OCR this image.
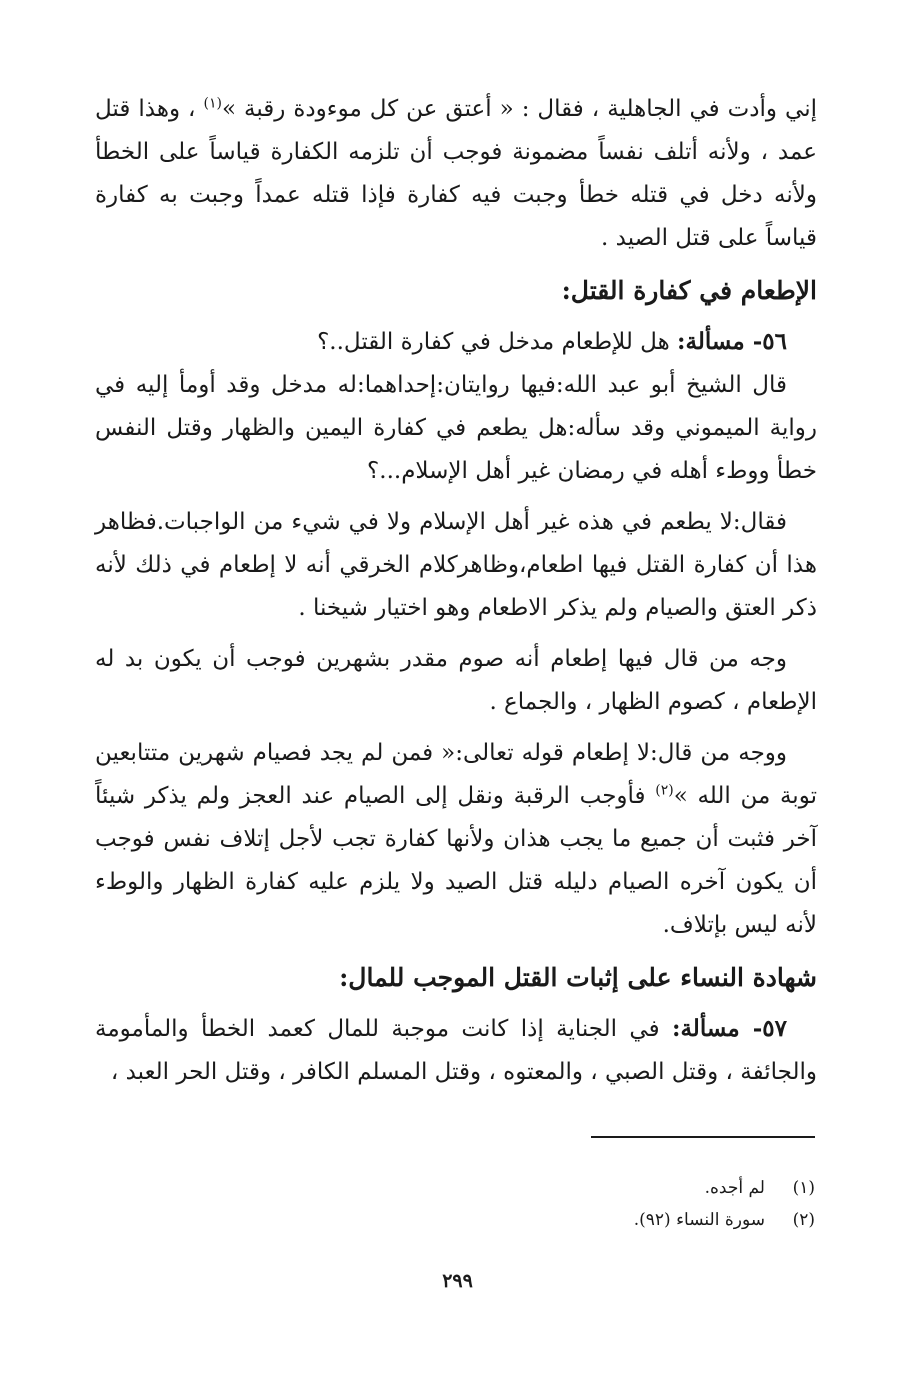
إني وأدت في الجاهلية ، فقال : « أعتق عن كل موءودة رقبة »$^{(١)}$ ، وهذا قتل عمد ، ولأنه أتلف نفساً مضمونة فوجب أن تلزمه الكفارة قياساً على الخطأ ولأنه دخل في قتله خطأ وجبت فيه كفارة فإذا قتله عمداً وجبت به كفارة قياساً على قتل الصيد .

الإطعام في كفارة القتل:

٥٦- مسألة: هل للإطعام مدخل في كفارة القتل..؟

قال الشيخ أبو عبد الله:فيها روايتان:إحداهما:له مدخل وقد أومأ إليه في رواية الميموني وقد سأله:هل يطعم في كفارة اليمين والظهار وقتل النفس خطأ ووطء أهله في رمضان غير أهل الإسلام...؟

فقال:لا يطعم في هذه غير أهل الإسلام ولا في شيء من الواجبات.فظاهر هذا أن كفارة القتل فيها اطعام،وظاهركلام الخرقي أنه لا إطعام في ذلك لأنه ذكر العتق والصيام ولم يذكر الاطعام وهو اختيار شيخنا .

وجه من قال فيها إطعام أنه صوم مقدر بشهرين فوجب أن يكون بد له الإطعام ، كصوم الظهار ، والجماع .

ووجه من قال:لا إطعام قوله تعالى:« فمن لم يجد فصيام شهرين متتابعين توبة من الله »$^{(٢)}$ فأوجب الرقبة ونقل إلى الصيام عند العجز ولم يذكر شيئاً آخر فثبت أن جميع ما يجب هذان ولأنها كفارة تجب لأجل إتلاف نفس فوجب أن يكون آخره الصيام دليله قتل الصيد ولا يلزم عليه كفارة الظهار والوطء لأنه ليس بإتلاف.

شهادة النساء على إثبات القتل الموجب للمال:

٥٧- مسألة: في الجناية إذا كانت موجبة للمال كعمد الخطأ والمأمومة والجائفة ، وقتل الصبي ، والمعتوه ، وقتل المسلم الكافر ، وقتل الحر العبد ،

(١)لم أجده.
(٢)سورة النساء (٩٢).
٢٩٩
